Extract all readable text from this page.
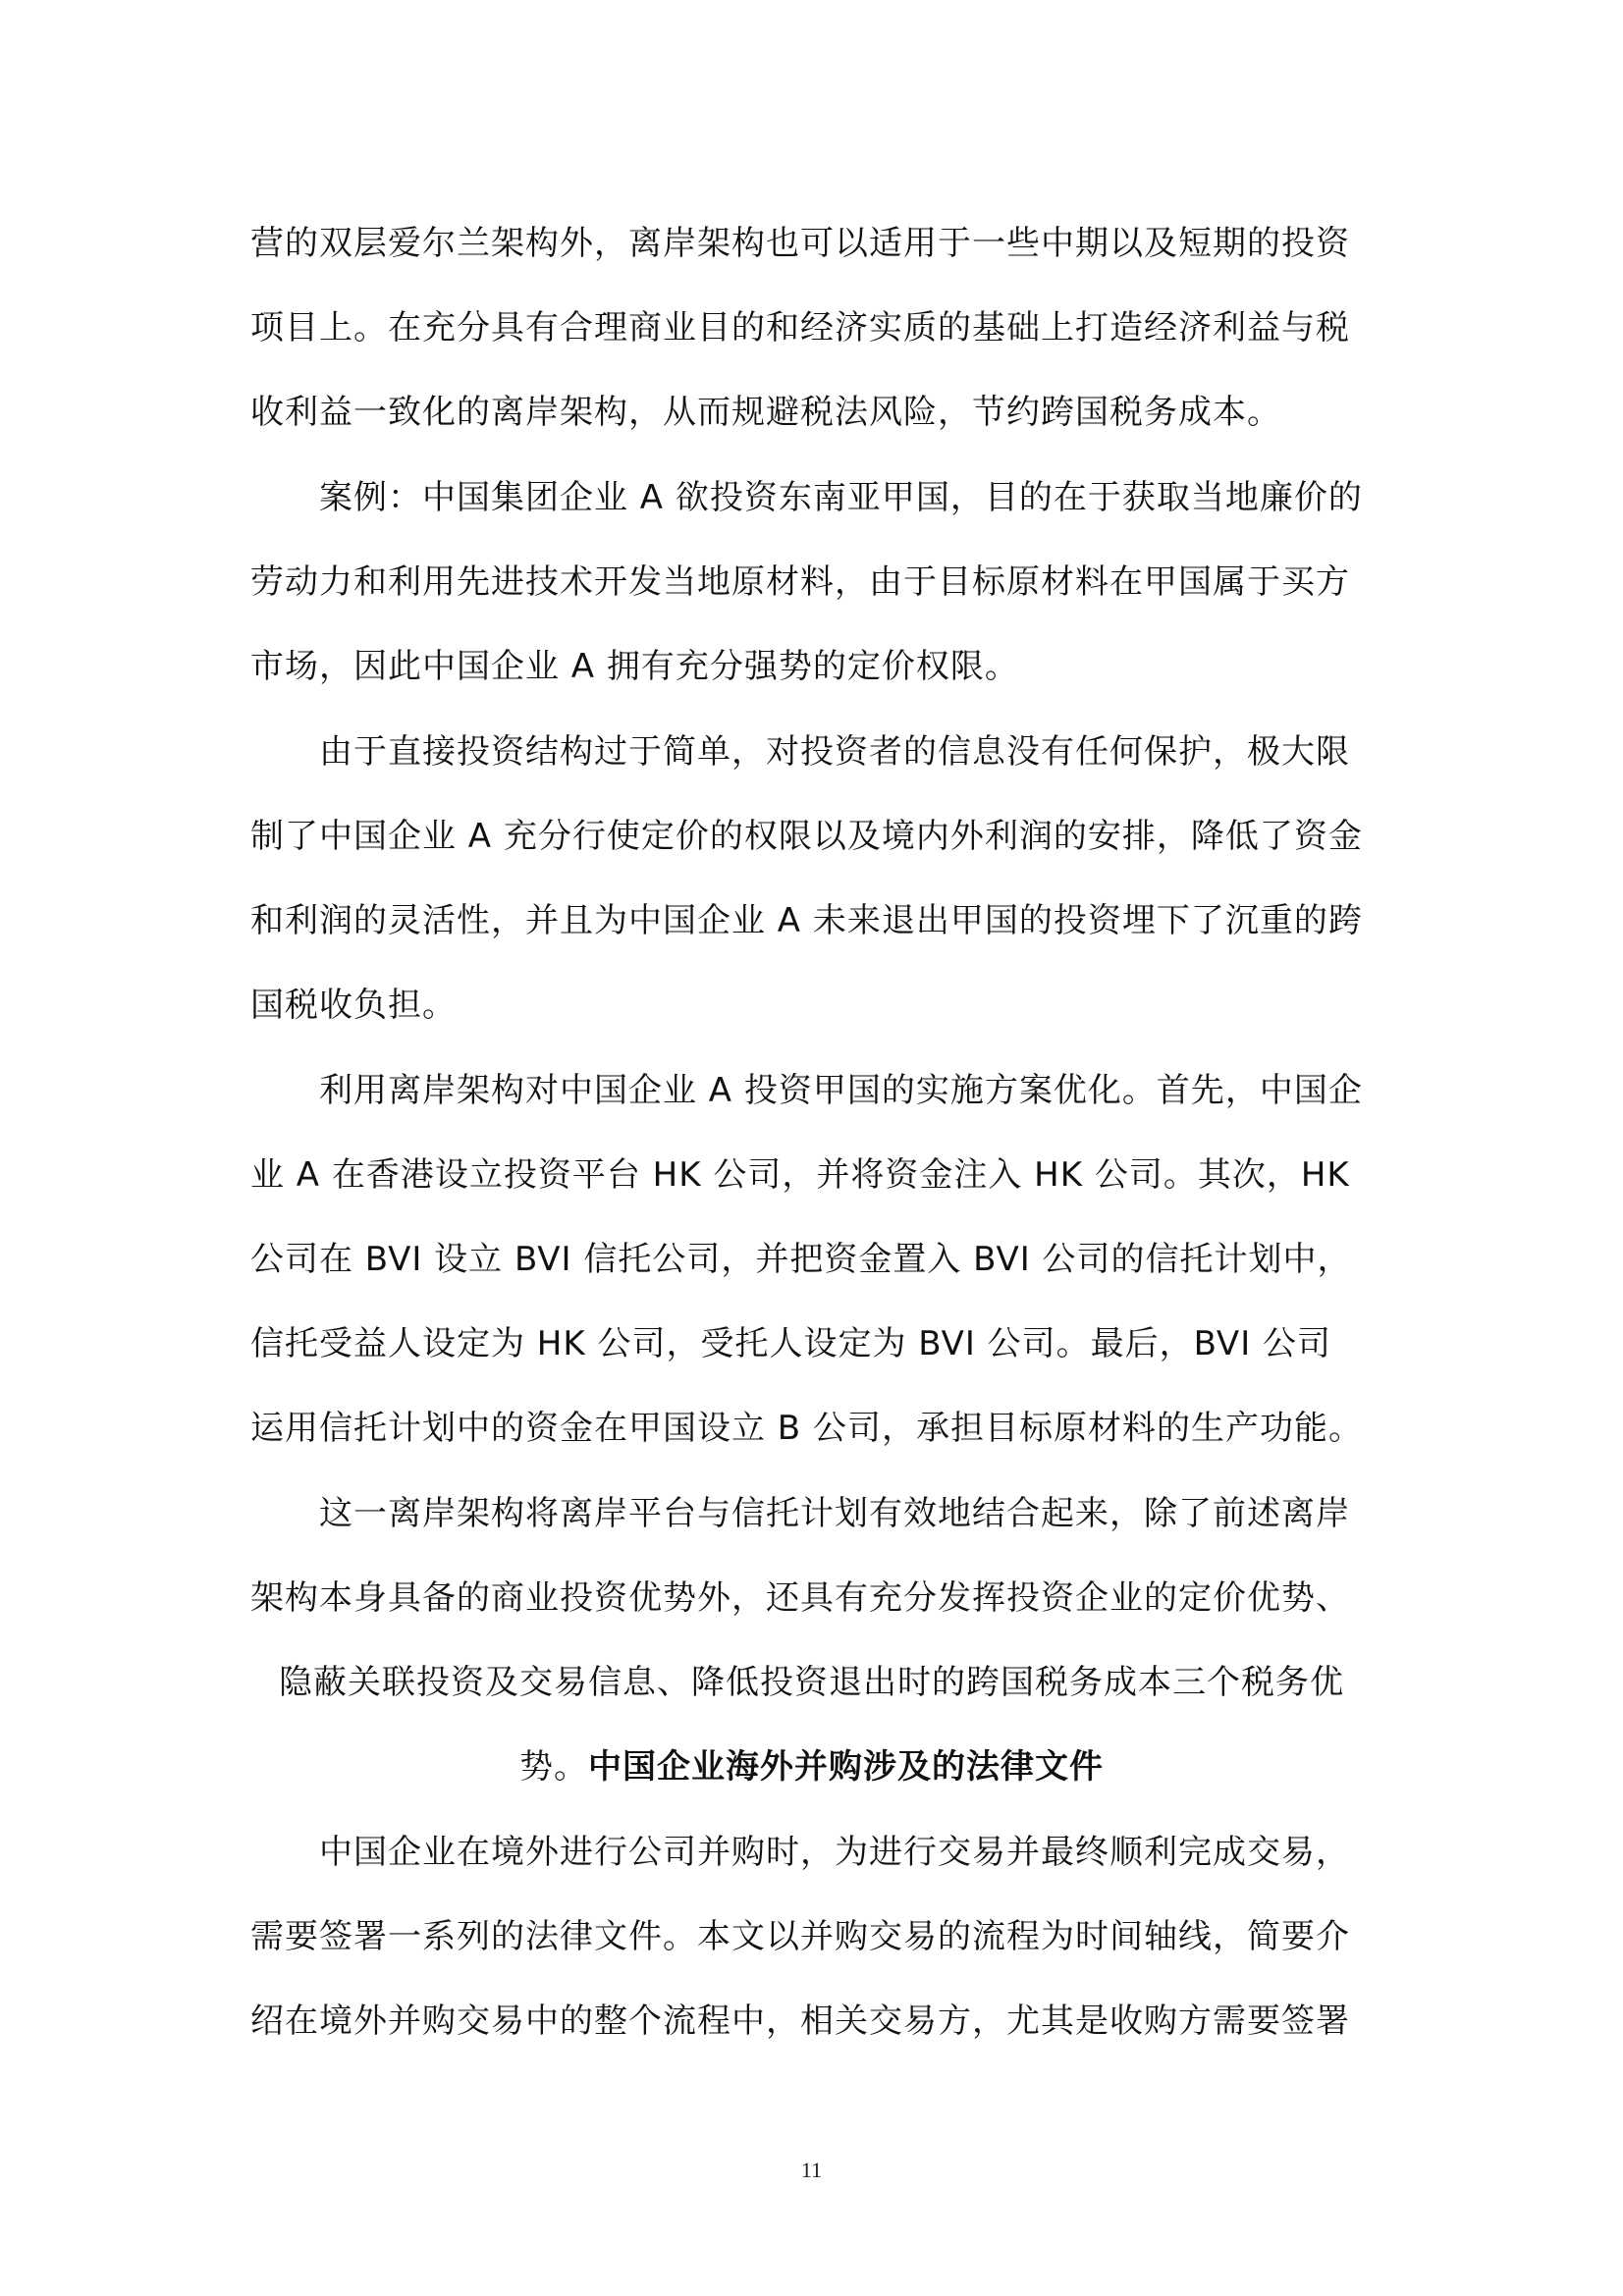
营的双层爱尔兰架构外，离岸架构也可以适用于一些中期以及短期的投资
项目上。在充分具有合理商业目的和经济实质的基础上打造经济利益与税
收利益一致化的离岸架构，从而规避税法风险，节约跨国税务成本。
案例：中国集团企业 A 欲投资东南亚甲国，目的在于获取当地廉价的
劳动力和利用先进技术开发当地原材料，由于目标原材料在甲国属于买方
市场，因此中国企业 A 拥有充分强势的定价权限。
由于直接投资结构过于简单，对投资者的信息没有任何保护，极大限
制了中国企业 A 充分行使定价的权限以及境内外利润的安排，降低了资金
和利润的灵活性，并且为中国企业 A 未来退出甲国的投资埋下了沉重的跨
国税收负担。
利用离岸架构对中国企业 A 投资甲国的实施方案优化。首先，中国企
业 A 在香港设立投资平台 HK 公司，并将资金注入 HK 公司。其次，HK
公司在 BVI 设立 BVI 信托公司，并把资金置入 BVI 公司的信托计划中，
信托受益人设定为 HK 公司，受托人设定为 BVI 公司。最后，BVI 公司
运用信托计划中的资金在甲国设立 B 公司，承担目标原材料的生产功能。
这一离岸架构将离岸平台与信托计划有效地结合起来，除了前述离岸
架构本身具备的商业投资优势外，还具有充分发挥投资企业的定价优势、
隐蔽关联投资及交易信息、降低投资退出时的跨国税务成本三个税务优
势。中国企业海外并购涉及的法律文件
中国企业在境外进行公司并购时，为进行交易并最终顺利完成交易，
需要签署一系列的法律文件。本文以并购交易的流程为时间轴线，简要介
绍在境外并购交易中的整个流程中，相关交易方，尤其是收购方需要签署
11
